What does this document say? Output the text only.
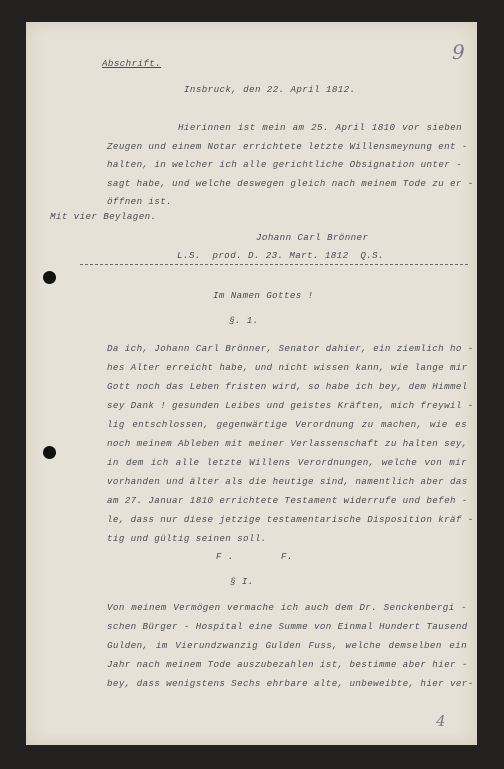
Abschrift.	9

Insbruck, den 22. April 1812.

Hierinnen ist mein am 25. April 1810 vor sieben

Zeugen und einem Notar errichtete letzte Willensmeynung ent -

halten, in welcher ich alle gerichtliche Obsignation unter -

sagt habe, und welche deswegen gleich nach meinem Tode zu er -

öffnen ist.

Mit vier Beylagen.

Johann Carl Brönner

L.S.  prod. D. 23. Mart. 1812  Q.S.

Im Namen Gottes !

§. 1.

Da ich, Johann Carl Brönner, Senator dahier, ein ziemlich ho -

hes Alter erreicht habe, und nicht wissen kann, wie lange mir

Gott noch das Leben fristen wird, so habe ich bey, dem Himmel

sey Dank ! gesunden Leibes und geistes Kräften, mich freywil -

lig entschlossen, gegenwärtige Verordnung zu machen, wie es

noch meinem Ableben mit meiner Verlassenschaft zu halten sey,

in dem ich alle letzte Willens Verordnungen, welche von mir

vorhanden und älter als die heutige sind, namentlich aber das

am 27. Januar 1810 errichtete Testament widerrufe und befeh -

le, dass nur diese jetzige testamentarische Disposition kräf -

tig und gültig seinen soll.

F .        F.

§ I.

Von meinem Vermögen vermache ich auch dem Dr. Senckenbergi -

schen Bürger - Hospital eine Summe von Einmal Hundert Tausend

Gulden, im Vierundzwanzig Gulden Fuss, welche demselben ein

Jahr nach meinem Tode auszubezahlen ist, bestimme aber hier -

bey, dass wenigstens Sechs ehrbare alte, unbeweibte, hier ver-

4
